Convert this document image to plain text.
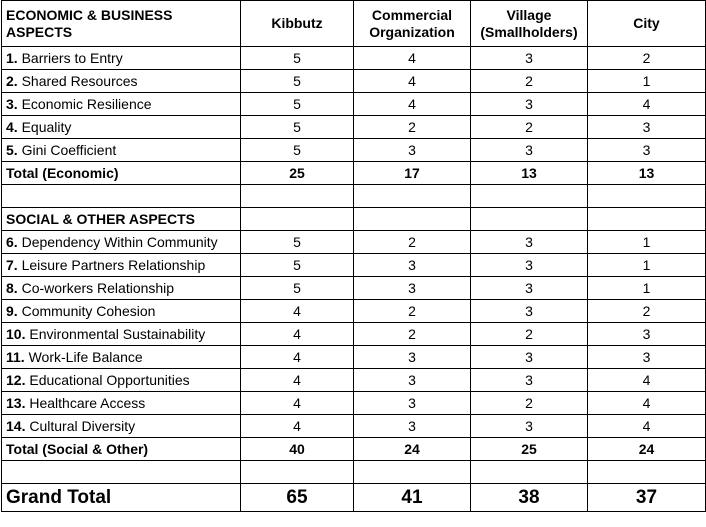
ECONOMIC & BUSINESS ASPECTS	Kibbutz	Commercial Organization	Village (Smallholders)	City
1. Barriers to Entry	5	4	3	2
2. Shared Resources	5	4	2	1
3. Economic Resilience	5	4	3	4
4. Equality	5	2	2	3
5. Gini Coefficient	5	3	3	3
Total (Economic)	25	17	13	13

SOCIAL & OTHER ASPECTS				
6. Dependency Within Community	5	2	3	1
7. Leisure Partners Relationship	5	3	3	1
8. Co-workers Relationship	5	3	3	1
9. Community Cohesion	4	2	3	2
10. Environmental Sustainability	4	2	2	3
11. Work-Life Balance	4	3	3	3
12. Educational Opportunities	4	3	3	4
13. Healthcare Access	4	3	2	4
14. Cultural Diversity	4	3	3	4
Total (Social & Other)	40	24	25	24

Grand Total	65	41	38	37
